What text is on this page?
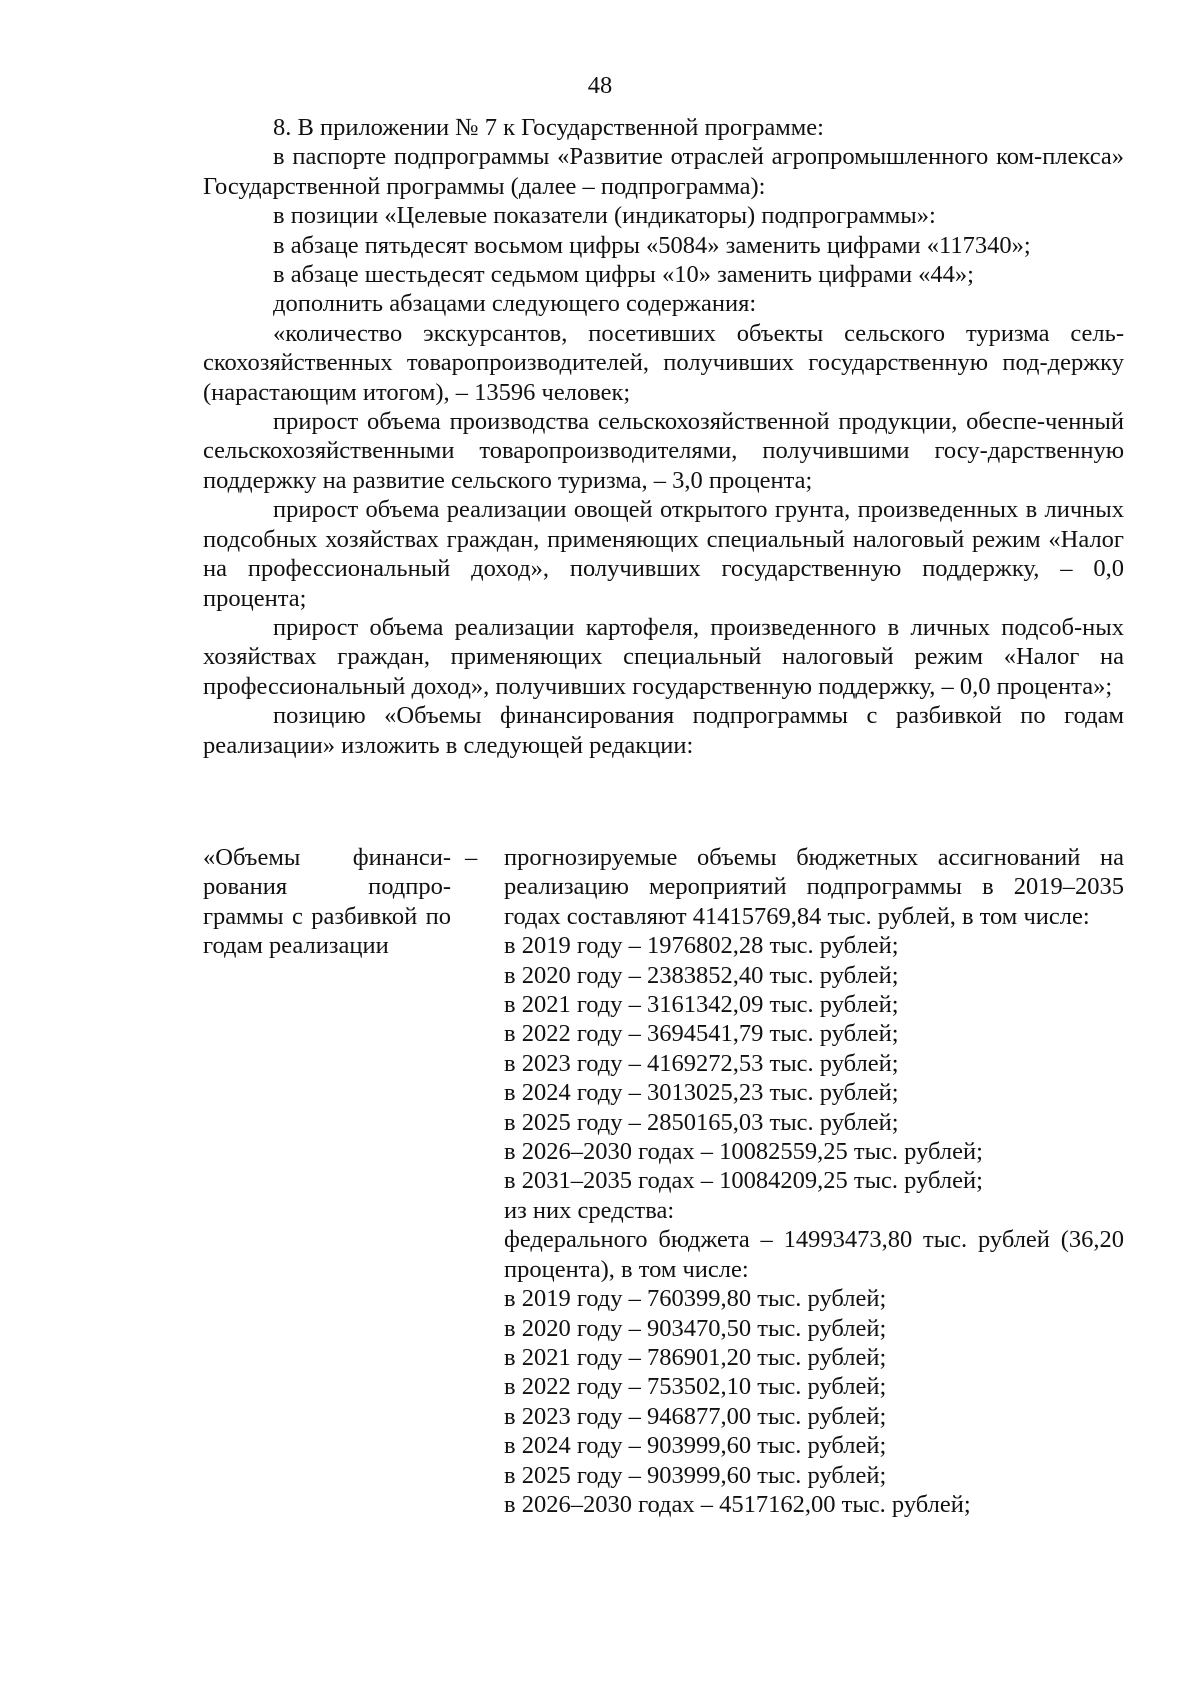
48

8. В приложении № 7 к Государственной программе:

в паспорте подпрограммы «Развитие отраслей агропромышленного ком-плекса» Государственной программы (далее – подпрограмма):

в позиции «Целевые показатели (индикаторы) подпрограммы»:

в абзаце пятьдесят восьмом цифры «5084» заменить цифрами «117340»;

в абзаце шестьдесят седьмом цифры «10» заменить цифрами «44»;

дополнить абзацами следующего содержания:

«количество экскурсантов, посетивших объекты сельского туризма сель-скохозяйственных товаропроизводителей, получивших государственную под-держку (нарастающим итогом), – 13596 человек;

прирост объема производства сельскохозяйственной продукции, обеспе-ченный сельскохозяйственными товаропроизводителями, получившими госу-дарственную поддержку на развитие сельского туризма, – 3,0 процента;

прирост объема реализации овощей открытого грунта, произведенных в личных подсобных хозяйствах граждан, применяющих специальный налоговый режим «Налог на профессиональный доход», получивших государственную поддержку, – 0,0 процента;

прирост объема реализации картофеля, произведенного в личных подсоб-ных хозяйствах граждан, применяющих специальный налоговый режим «Налог на профессиональный доход», получивших государственную поддержку, – 0,0 процента»;

позицию «Объемы финансирования подпрограммы с разбивкой по годам реализации» изложить в следующей редакции:

«Объемы финанси-рования подпро-граммы с разбивкой по годам реализации
– прогнозируемые объемы бюджетных ассигнований на реализацию мероприятий подпрограммы в 2019–2035 годах составляют 41415769,84 тыс. рублей, в том числе:
в 2019 году – 1976802,28 тыс. рублей;
в 2020 году – 2383852,40 тыс. рублей;
в 2021 году – 3161342,09 тыс. рублей;
в 2022 году – 3694541,79 тыс. рублей;
в 2023 году – 4169272,53 тыс. рублей;
в 2024 году – 3013025,23 тыс. рублей;
в 2025 году – 2850165,03 тыс. рублей;
в 2026–2030 годах – 10082559,25 тыс. рублей;
в 2031–2035 годах – 10084209,25 тыс. рублей;
из них средства:
федерального бюджета – 14993473,80 тыс. рублей (36,20 процента), в том числе:
в 2019 году – 760399,80 тыс. рублей;
в 2020 году – 903470,50 тыс. рублей;
в 2021 году – 786901,20 тыс. рублей;
в 2022 году – 753502,10 тыс. рублей;
в 2023 году – 946877,00 тыс. рублей;
в 2024 году – 903999,60 тыс. рублей;
в 2025 году – 903999,60 тыс. рублей;
в 2026–2030 годах – 4517162,00 тыс. рублей;
